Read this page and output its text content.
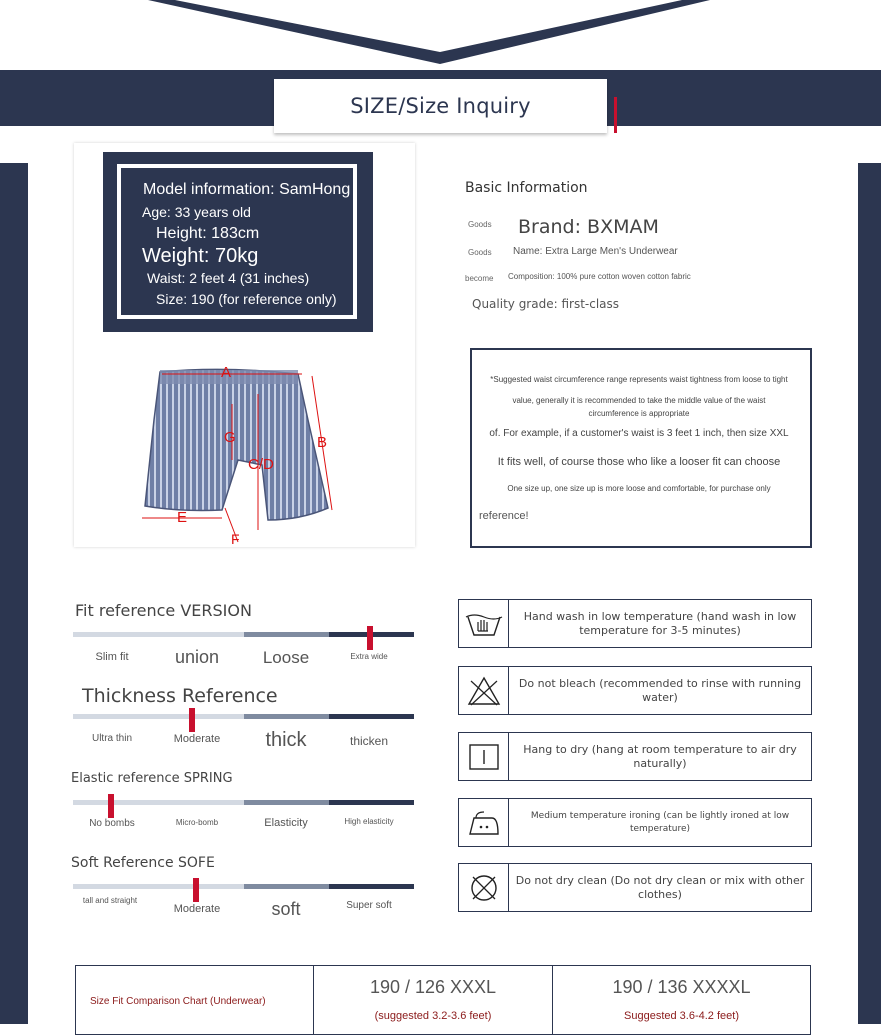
SIZE/Size Inquiry
Model information: SamHong
Age: 33 years old
Height: 183cm
Weight: 70kg
Waist: 2 feet 4 (31 inches)
Size: 190 (for reference only)
A
B
G
C/D
E
F
Basic Information
Goods Brand: BXMAM
Goods Name: Extra Large Men's Underwear
become Composition: 100% pure cotton woven cotton fabric
Quality grade: first-class
*Suggested waist circumference range represents waist tightness from loose to tight
value, generally it is recommended to take the middle value of the waist
circumference is appropriate
of. For example, if a customer's waist is 3 feet 1 inch, then size XXL
It fits well, of course those who like a looser fit can choose
One size up, one size up is more loose and comfortable, for purchase only
reference!
Fit reference VERSION
Slim fit	union	Loose	Extra wide
Thickness Reference
Ultra thin	Moderate	thick	thicken
Elastic reference SPRING
No bombs	Micro-bomb	Elasticity	High elasticity
Soft Reference SOFE
tall and straight
Moderate	soft	Super soft
Hand wash in low temperature (hand wash in low temperature for 3-5 minutes)
Do not bleach (recommended to rinse with running water)
Hang to dry (hang at room temperature to air dry naturally)
Medium temperature ironing (can be lightly ironed at low temperature)
Do not dry clean (Do not dry clean or mix with other clothes)
Size Fit Comparison Chart (Underwear)
190 / 126 XXXL
(suggested 3.2-3.6 feet)
190 / 136 XXXXL
Suggested 3.6-4.2 feet)
